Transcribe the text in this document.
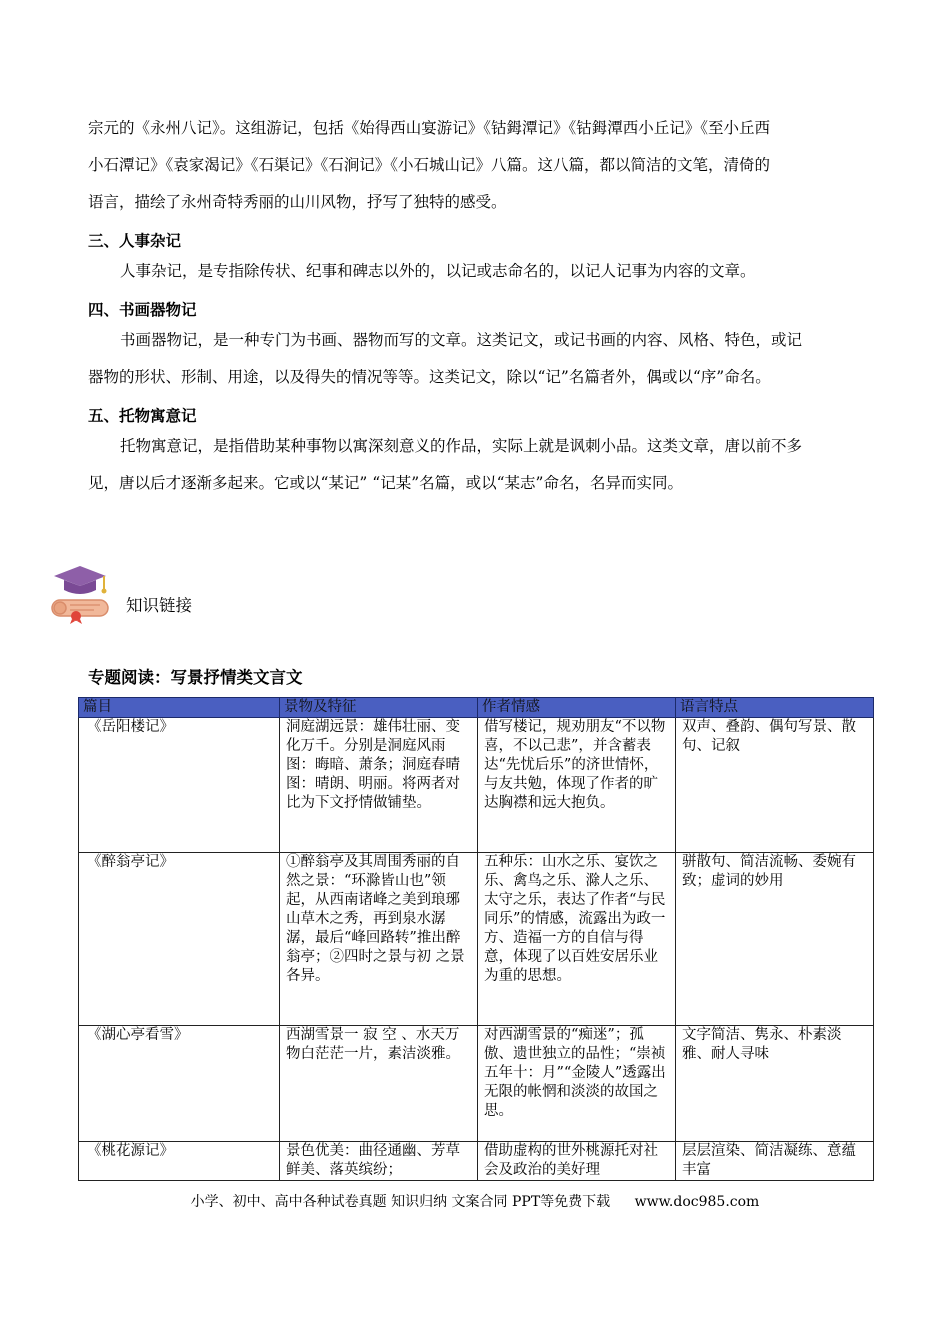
宗元的《永州八记》。这组游记，包括《始得西山宴游记》《钴鉧潭记》《钴鉧潭西小丘记》《至小丘西

小石潭记》《袁家渴记》《石渠记》《石涧记》《小石城山记》八篇。这八篇，都以简洁的文笔，清倚的

语言，描绘了永州奇特秀丽的山川风物，抒写了独特的感受。

三、人事杂记

人事杂记，是专指除传状、纪事和碑志以外的，以记或志命名的，以记人记事为内容的文章。

四、书画器物记

书画器物记，是一种专门为书画、器物而写的文章。这类记文，或记书画的内容、风格、特色，或记

器物的形状、形制、用途，以及得失的情况等等。这类记文，除以“记”名篇者外，偶或以“序”命名。

五、托物寓意记

托物寓意记，是指借助某种事物以寓深刻意义的作品，实际上就是讽刺小品。这类文章，唐以前不多

见，唐以后才逐渐多起来。它或以“某记” “记某”名篇，或以“某志”命名，名异而实同。

知识链接
专题阅读：写景抒情类文言文
篇目	景物及特征	作者情感	语言特点
《岳阳楼记》	洞庭湖远景：雄伟壮丽、变化万千。分别是洞庭风雨图：晦暗、萧条；洞庭春晴图：晴朗、明丽。将两者对比为下文抒情做铺垫。	借写楼记，规劝朋友“不以物喜，不以己悲”，并含蓄表达“先忧后乐”的济世情怀，与友共勉，体现了作者的旷达胸襟和远大抱负。	双声、叠韵、偶句写景、散句、记叙
《醉翁亭记》	①醉翁亭及其周围秀丽的自然之景：“环滁皆山也”领起，从西南诸峰之美到琅琊山草木之秀，再到泉水潺潺，最后“峰回路转”推出醉翁亭；②四时之景与初 之景各异。	五种乐：山水之乐、宴饮之乐、禽鸟之乐、滁人之乐、太守之乐，表达了作者“与民同乐”的情感，流露出为政一方、造福一方的自信与得意，体现了以百姓安居乐业为重的思想。	骈散句、简洁流畅、委婉有致；虚词的妙用
《湖心亭看雪》	西湖雪景一 寂 空 、水天万物白茫茫一片，素洁淡雅。	对西湖雪景的“痴迷”；孤傲、遗世独立的品性；“崇祯五年十：月”“金陵人”透露出无限的帐惘和淡淡的故国之思。	文字简洁、隽永、朴素淡雅、耐人寻味
《桃花源记》	景色优美：曲径通幽、芳草鲜美、落英缤纷；	借助虚构的世外桃源托对社会及政治的美好理	层层渲染、简洁凝练、意蕴丰富
小学、初中、高中各种试卷真题 知识归纳 文案合同 PPT等免费下载 www.doc985.com
